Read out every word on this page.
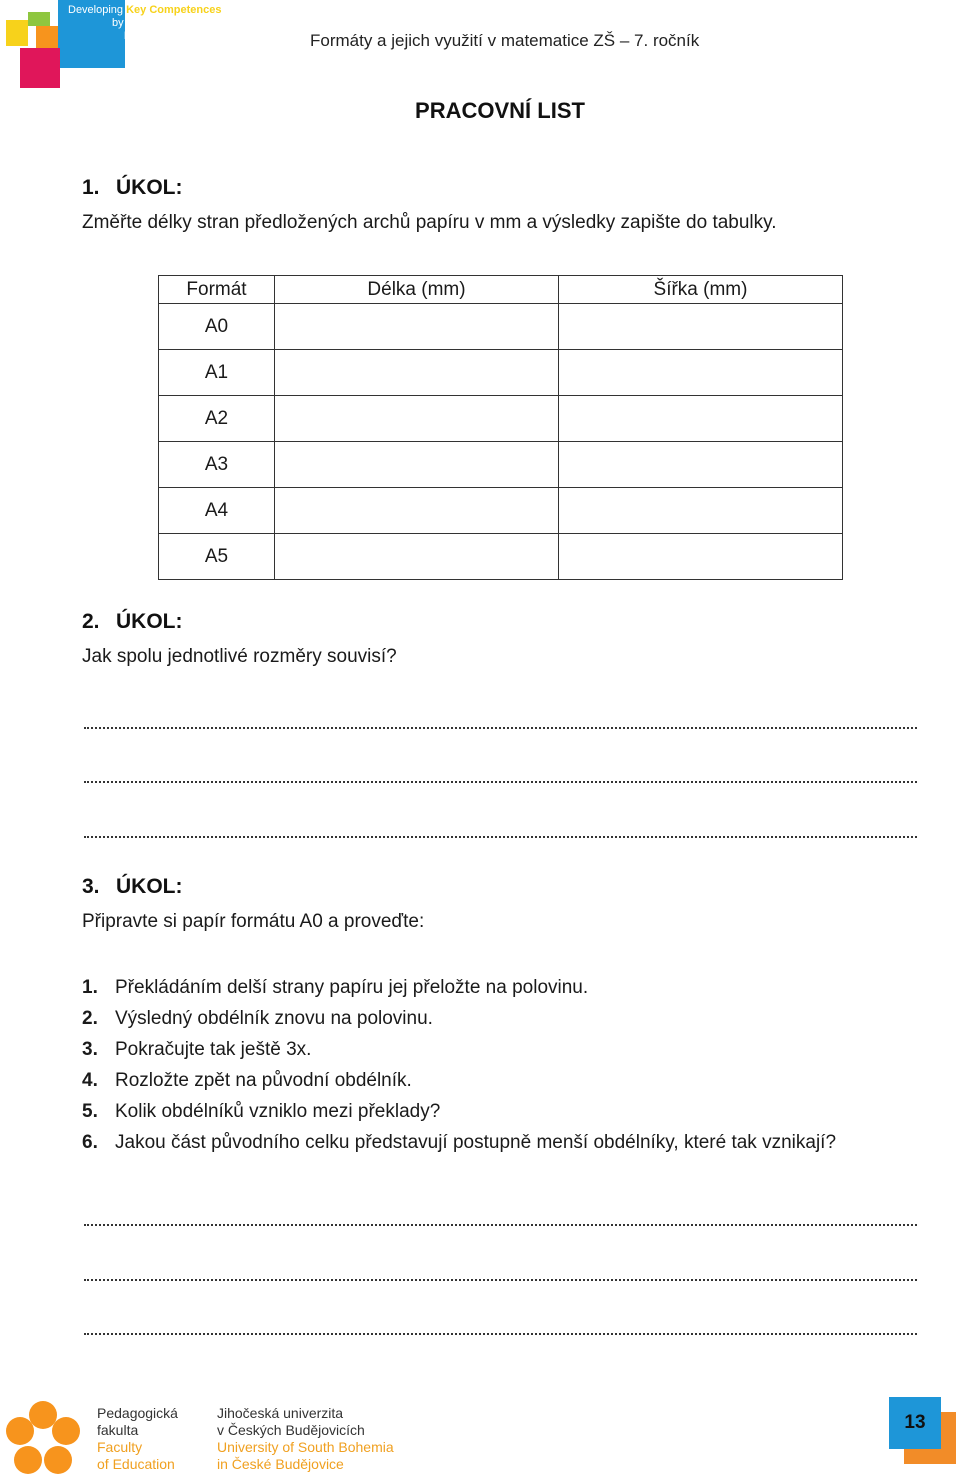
Developing Key Competences
by Mathematics
Education	Formáty a jejich využití v matematice ZŠ – 7. ročník
PRACOVNÍ LIST
1. ÚKOL:
Změřte délky stran předložených archů papíru v mm a výsledky zapište do tabulky.
Formát	Délka (mm)	Šířka (mm)
A0		
A1		
A2		
A3		
A4		
A5		
2. ÚKOL:
Jak spolu jednotlivé rozměry souvisí?
3. ÚKOL:
Připravte si papír formátu A0 a proveďte:
1. Překládáním delší strany papíru jej přeložte na polovinu.
2. Výsledný obdélník znovu na polovinu.
3. Pokračujte tak ještě 3x.
4. Rozložte zpět na původní obdélník.
5. Kolik obdélníků vzniklo mezi překlady?
6. Jakou část původního celku představují postupně menší obdélníky, které tak vznikají?
Pedagogická
fakulta
Faculty
of Education
Jihočeská univerzita
v Českých Budějovicích
University of South Bohemia
in České Budějovice
13
